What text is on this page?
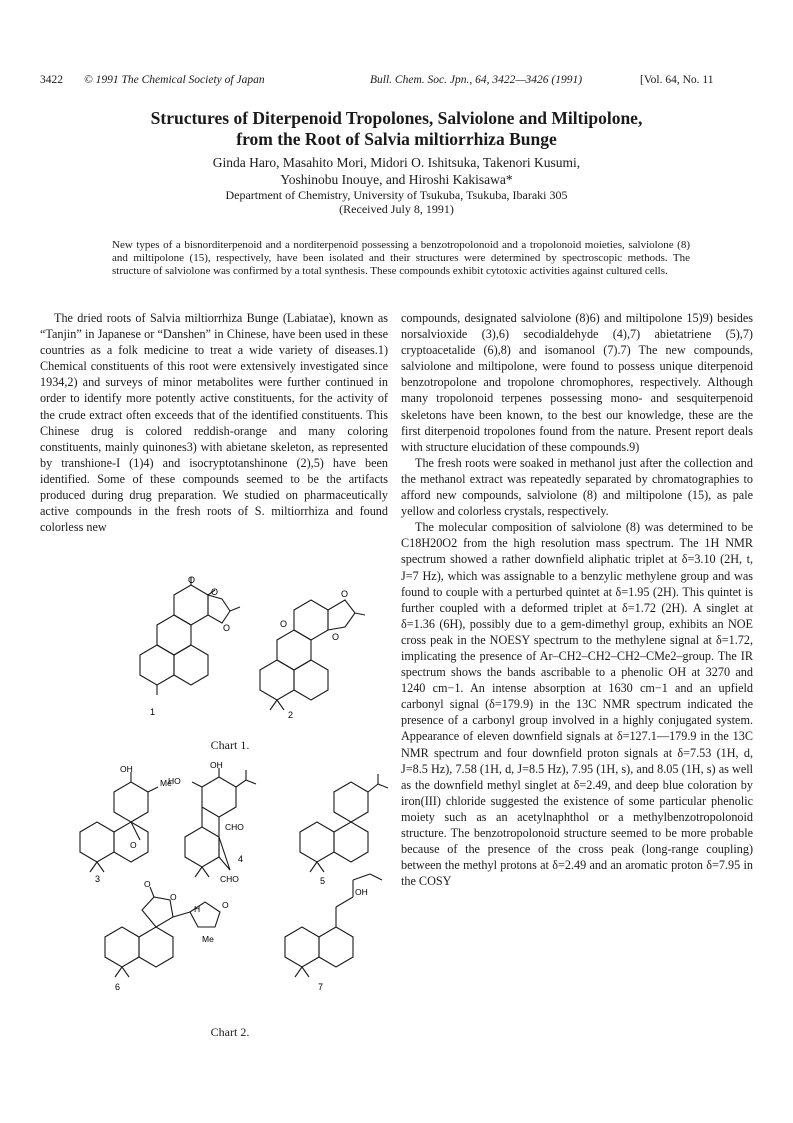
3422 © 1991 The Chemical Society of Japan	Bull. Chem. Soc. Jpn., 64, 3422—3426 (1991)	[Vol. 64, No. 11
Structures of Diterpenoid Tropolones, Salviolone and Miltipolone,
from the Root of Salvia miltiorrhiza Bunge
Ginda Haro, Masahito Mori, Midori O. Ishitsuka, Takenori Kusumi,
Yoshinobu Inouye, and Hiroshi Kakisawa*
Department of Chemistry, University of Tsukuba, Tsukuba, Ibaraki 305
(Received July 8, 1991)
New types of a bisnorditerpenoid and a norditerpenoid possessing a benzotropolonoid and a tropolonoid moieties, salviolone (8) and miltipolone (15), respectively, have been isolated and their structures were determined by spectroscopic methods. The structure of salviolone was confirmed by a total synthesis. These compounds exhibit cytotoxic activities against cultured cells.

The dried roots of Salvia miltiorrhiza Bunge (Labiatae), known as “Tanjin” in Japanese or “Danshen” in Chinese, have been used in these countries as a folk medicine to treat a wide variety of diseases.1) Chemical constituents of this root were extensively investigated since 1934,2) and surveys of minor metabolites were further continued in order to identify more potently active constituents, for the activity of the crude extract often exceeds that of the identified constituents. This Chinese drug is colored reddish-orange and many coloring constituents, mainly quinones3) with abietane skeleton, as represented by transhione-I (1)4) and isocryptotanshinone (2),5) have been identified. Some of these compounds seemed to be the artifacts produced during drug preparation. We studied on pharmaceutically active compounds in the fresh roots of S. miltiorrhiza and found colorless new

O
O
O	O
O
O
1	2
Chart 1.
OH
Me
O
HO
OH
CHO
CHO
O
O
O
H
Me
OH
3
4
5
6	7
Chart 2.

compounds, designated salviolone (8)6) and miltipolone 15)9) besides norsalvioxide (3),6) secodialdehyde (4),7) abietatriene (5),7) cryptoacetalide (6),8) and isomanool (7).7) The new compounds, salviolone and miltipolone, were found to possess unique diterpenoid benzotropolone and tropolone chromophores, respectively. Although many tropolonoid terpenes possessing mono- and sesquiterpenoid skeletons have been known, to the best our knowledge, these are the first diterpenoid tropolones found from the nature. Present report deals with structure elucidation of these compounds.9)

The fresh roots were soaked in methanol just after the collection and the methanol extract was repeatedly separated by chromatographies to afford new compounds, salviolone (8) and miltipolone (15), as pale yellow and colorless crystals, respectively.

The molecular composition of salviolone (8) was determined to be C18H20O2 from the high resolution mass spectrum. The 1H NMR spectrum showed a rather downfield aliphatic triplet at δ=3.10 (2H, t, J=7 Hz), which was assignable to a benzylic methylene group and was found to couple with a perturbed quintet at δ=1.95 (2H). This quintet is further coupled with a deformed triplet at δ=1.72 (2H). A singlet at δ=1.36 (6H), possibly due to a gem-dimethyl group, exhibits an NOE cross peak in the NOESY spectrum to the methylene signal at δ=1.72, implicating the presence of Ar–CH2–CH2–CH2–CMe2–group. The IR spectrum shows the bands ascribable to a phenolic OH at 3270 and 1240 cm−1. An intense absorption at 1630 cm−1 and an upfield carbonyl signal (δ=179.9) in the 13C NMR spectrum indicated the presence of a carbonyl group involved in a highly conjugated system. Appearance of eleven downfield signals at δ=127.1—179.9 in the 13C NMR spectrum and four downfield proton signals at δ=7.53 (1H, d, J=8.5 Hz), 7.58 (1H, d, J=8.5 Hz), 7.95 (1H, s), and 8.05 (1H, s) as well as the downfield methyl singlet at δ=2.49, and deep blue coloration by iron(III) chloride suggested the existence of some particular phenolic moiety such as an acetylnaphthol or a methylbenzotropolonoid structure. The benzotropolonoid structure seemed to be more probable because of the presence of the cross peak (long-range coupling) between the methyl protons at δ=2.49 and an aromatic proton δ=7.95 in the COSY
